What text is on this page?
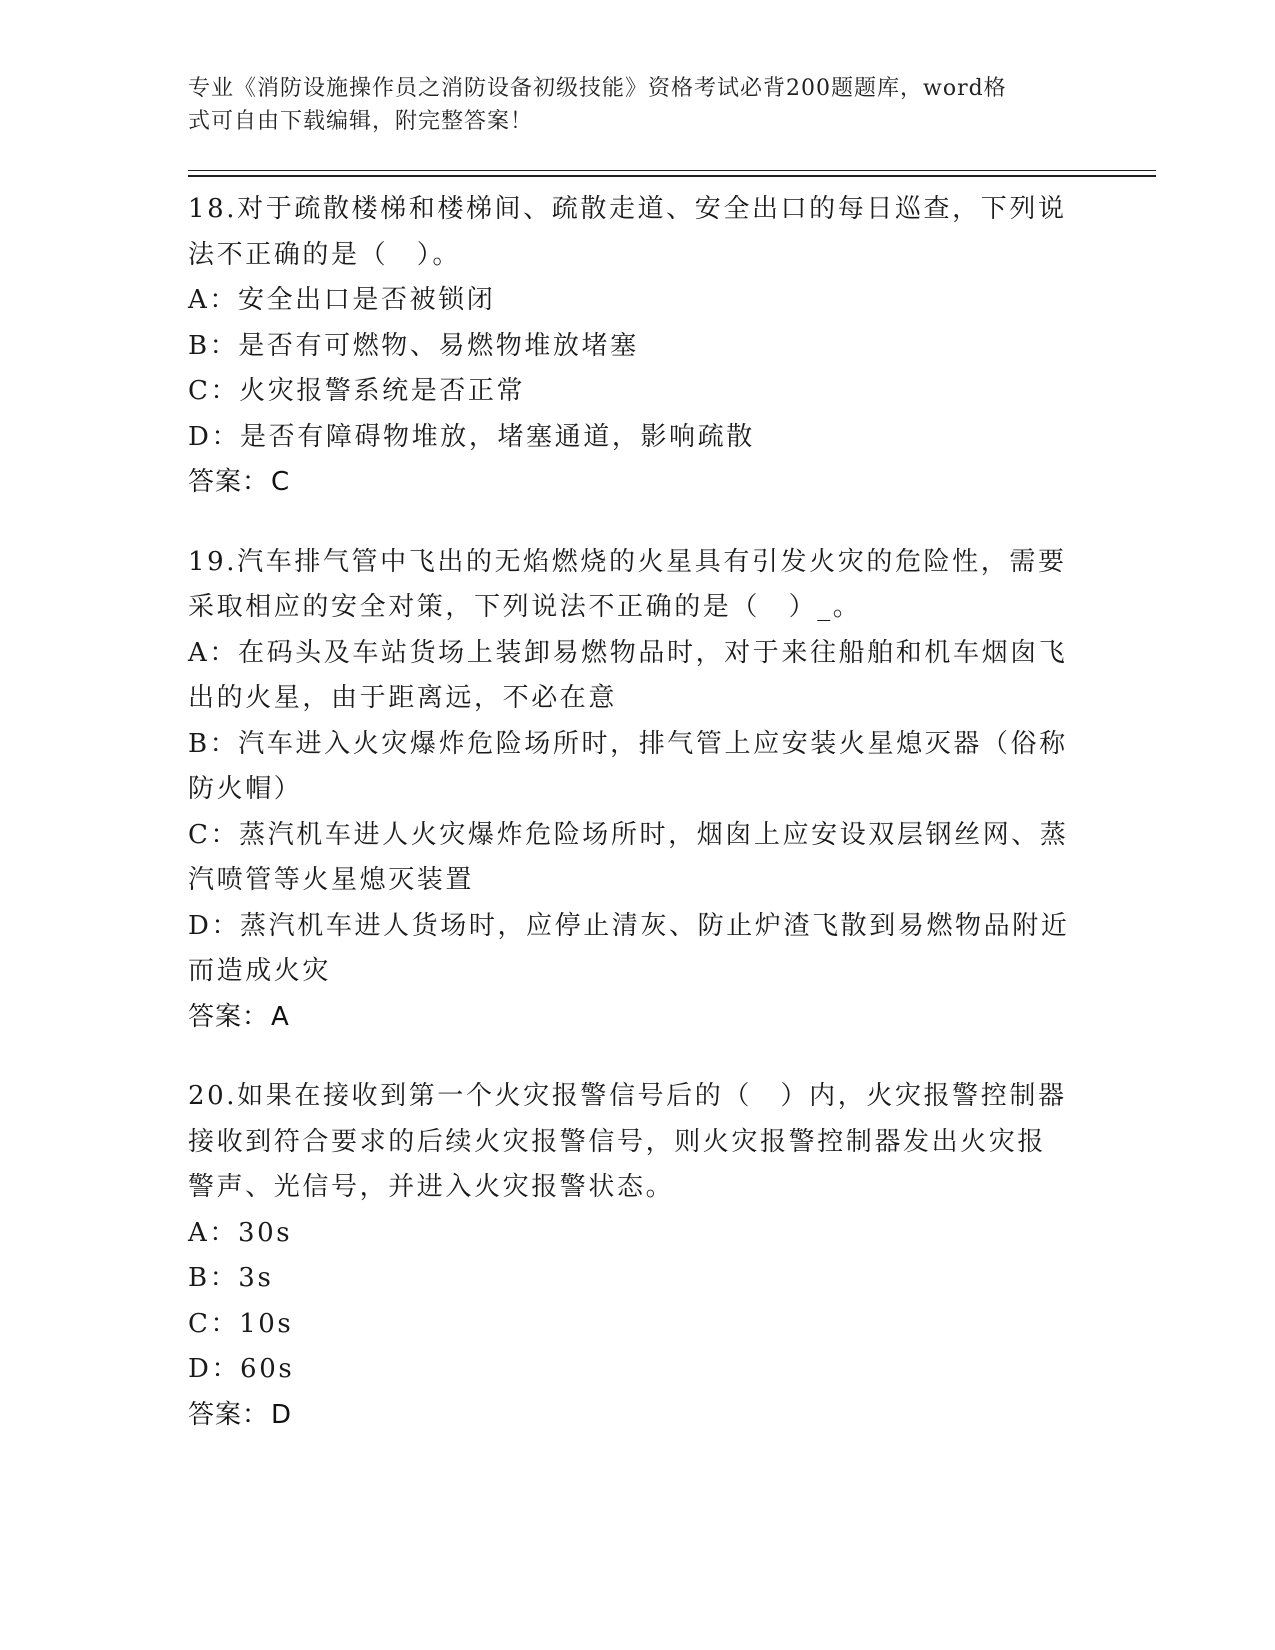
专业《消防设施操作员之消防设备初级技能》资格考试必背200题题库，word格
式可自由下载编辑，附完整答案！
18.对于疏散楼梯和楼梯间、疏散走道、安全出口的每日巡查，下列说
法不正确的是（　）。
A：安全出口是否被锁闭
B：是否有可燃物、易燃物堆放堵塞
C：火灾报警系统是否正常
D：是否有障碍物堆放，堵塞通道，影响疏散
答案：C
19.汽车排气管中飞出的无焰燃烧的火星具有引发火灾的危险性，需要
采取相应的安全对策，下列说法不正确的是（　）_。
A：在码头及车站货场上装卸易燃物品时，对于来往船舶和机车烟囱飞
出的火星，由于距离远，不必在意
B：汽车进入火灾爆炸危险场所时，排气管上应安装火星熄灭器（俗称
防火帽）
C：蒸汽机车进人火灾爆炸危险场所时，烟囱上应安设双层钢丝网、蒸
汽喷管等火星熄灭装置
D：蒸汽机车进人货场时，应停止清灰、防止炉渣飞散到易燃物品附近
而造成火灾
答案：A
20.如果在接收到第一个火灾报警信号后的（　）内，火灾报警控制器
接收到符合要求的后续火灾报警信号，则火灾报警控制器发出火灾报
警声、光信号，并进入火灾报警状态。
A：30s
B：3s
C：10s
D：60s
答案：D
